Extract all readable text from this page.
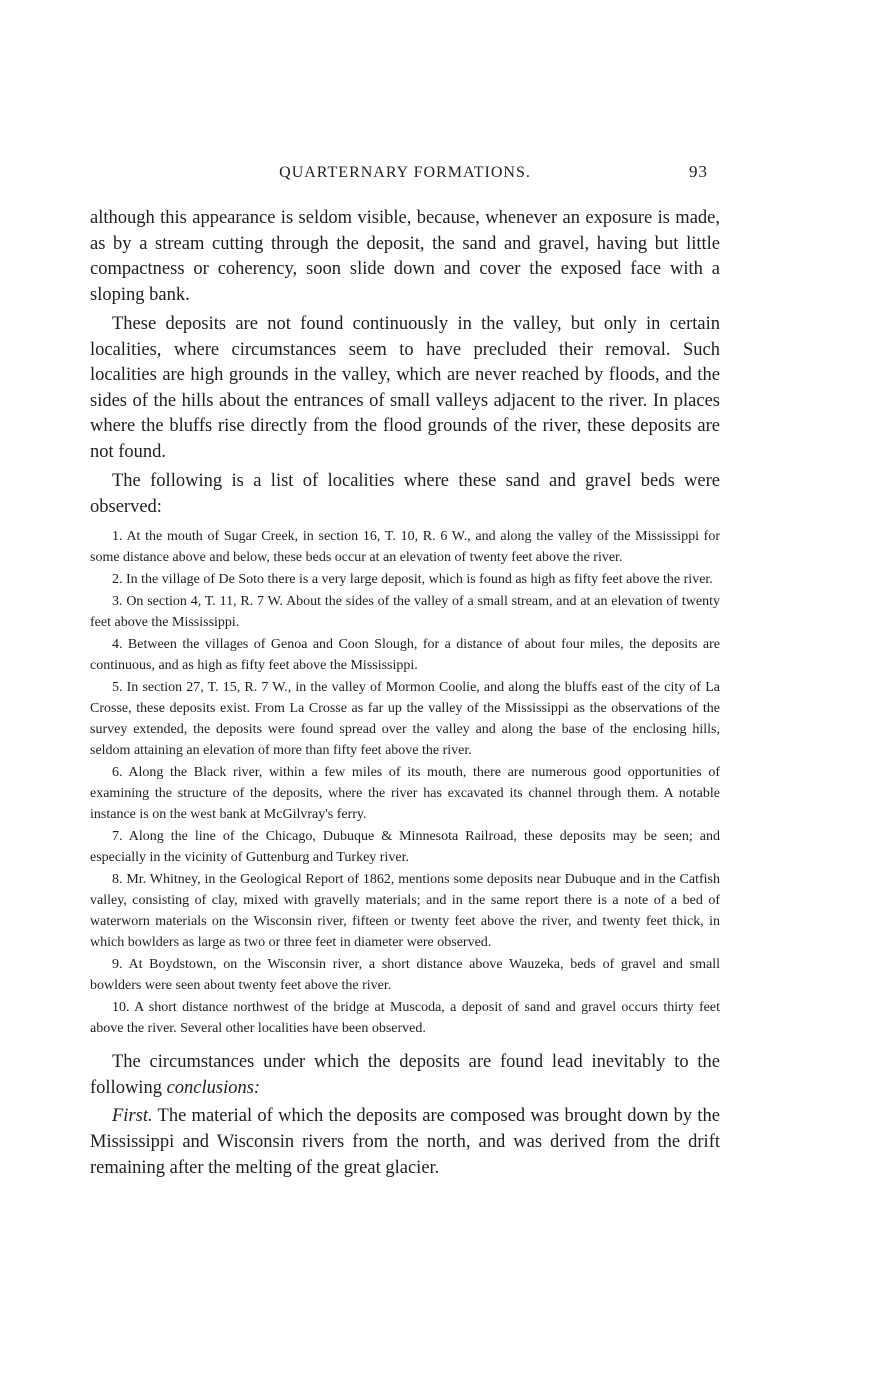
QUARTERNARY FORMATIONS.	93

although this appearance is seldom visible, because, whenever an exposure is made, as by a stream cutting through the deposit, the sand and gravel, having but little compactness or coherency, soon slide down and cover the exposed face with a sloping bank.

These deposits are not found continuously in the valley, but only in certain localities, where circumstances seem to have precluded their removal. Such localities are high grounds in the valley, which are never reached by floods, and the sides of the hills about the entrances of small valleys adjacent to the river. In places where the bluffs rise directly from the flood grounds of the river, these deposits are not found.

The following is a list of localities where these sand and gravel beds were observed:

1. At the mouth of Sugar Creek, in section 16, T. 10, R. 6 W., and along the valley of the Mississippi for some distance above and below, these beds occur at an elevation of twenty feet above the river.

2. In the village of De Soto there is a very large deposit, which is found as high as fifty feet above the river.

3. On section 4, T. 11, R. 7 W. About the sides of the valley of a small stream, and at an elevation of twenty feet above the Mississippi.

4. Between the villages of Genoa and Coon Slough, for a distance of about four miles, the deposits are continuous, and as high as fifty feet above the Mississippi.

5. In section 27, T. 15, R. 7 W., in the valley of Mormon Coolie, and along the bluffs east of the city of La Crosse, these deposits exist. From La Crosse as far up the valley of the Mississippi as the observations of the survey extended, the deposits were found spread over the valley and along the base of the enclosing hills, seldom attaining an elevation of more than fifty feet above the river.

6. Along the Black river, within a few miles of its mouth, there are numerous good opportunities of examining the structure of the deposits, where the river has excavated its channel through them. A notable instance is on the west bank at McGilvray's ferry.

7. Along the line of the Chicago, Dubuque & Minnesota Railroad, these deposits may be seen; and especially in the vicinity of Guttenburg and Turkey river.

8. Mr. Whitney, in the Geological Report of 1862, mentions some deposits near Dubuque and in the Catfish valley, consisting of clay, mixed with gravelly materials; and in the same report there is a note of a bed of waterworn materials on the Wisconsin river, fifteen or twenty feet above the river, and twenty feet thick, in which bowlders as large as two or three feet in diameter were observed.

9. At Boydstown, on the Wisconsin river, a short distance above Wauzeka, beds of gravel and small bowlders were seen about twenty feet above the river.

10. A short distance northwest of the bridge at Muscoda, a deposit of sand and gravel occurs thirty feet above the river. Several other localities have been observed.

The circumstances under which the deposits are found lead inevitably to the following conclusions:

First. The material of which the deposits are composed was brought down by the Mississippi and Wisconsin rivers from the north, and was derived from the drift remaining after the melting of the great glacier.
